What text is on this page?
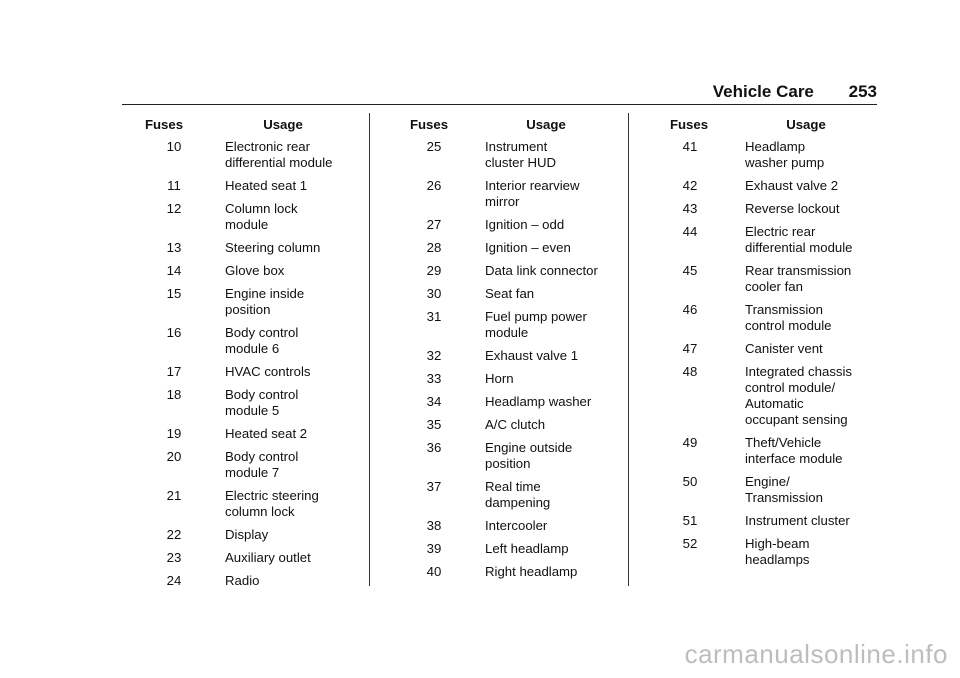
Vehicle Care 253
Fuses	Usage
10	Electronic rear
differential module
11	Heated seat 1
12	Column lock
module
13	Steering column
14	Glove box
15	Engine inside
position
16	Body control
module 6
17	HVAC controls
18	Body control
module 5
19	Heated seat 2
20	Body control
module 7
21	Electric steering
column lock
22	Display
23	Auxiliary outlet
24	Radio
Fuses	Usage
25	Instrument
cluster HUD
26	Interior rearview
mirror
27	Ignition – odd
28	Ignition – even
29	Data link connector
30	Seat fan
31	Fuel pump power
module
32	Exhaust valve 1
33	Horn
34	Headlamp washer
35	A/C clutch
36	Engine outside
position
37	Real time
dampening
38	Intercooler
39	Left headlamp
40	Right headlamp
Fuses	Usage
41	Headlamp
washer pump
42	Exhaust valve 2
43	Reverse lockout
44	Electric rear
differential module
45	Rear transmission
cooler fan
46	Transmission
control module
47	Canister vent
48	Integrated chassis
control module/
Automatic
occupant sensing
49	Theft/Vehicle
interface module
50	Engine/
Transmission
51	Instrument cluster
52	High-beam
headlamps
carmanualsonline.info
